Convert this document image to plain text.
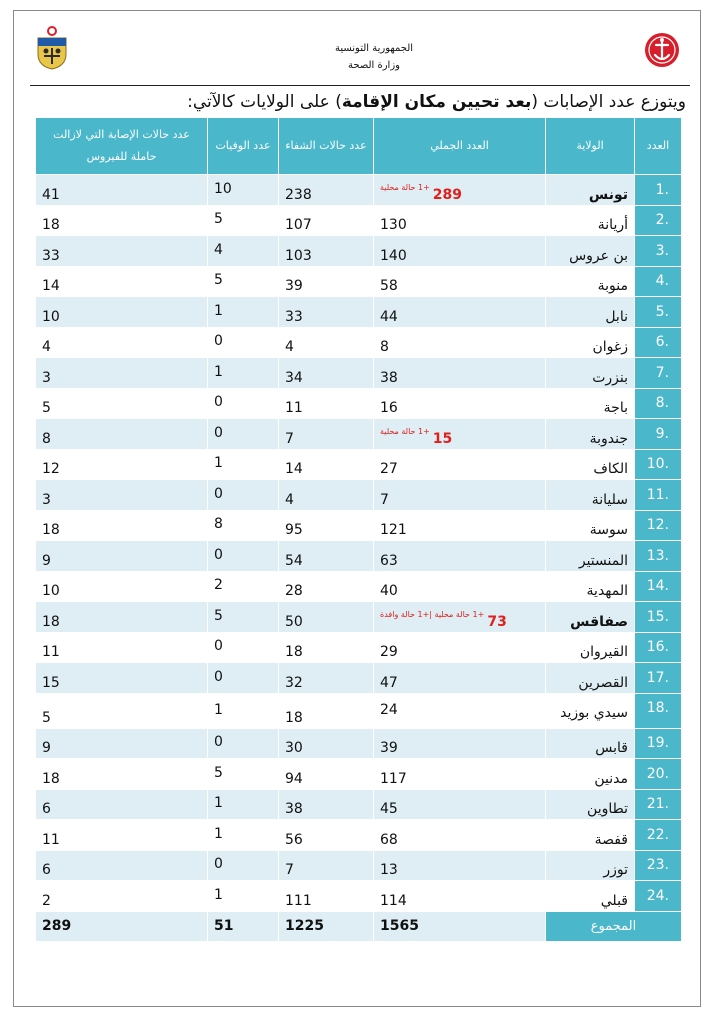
الجمهورية التونسية
وزارة الصحة
ويتوزع عدد الإصابات (بعد تحيين مكان الإقامة) على الولايات كالآتي:
العدد	الولاية	العدد الجملي	عدد حالات الشفاء	عدد الوفيات	عدد حالات الإصابة التي لازالت حاملة للفيروس
.1	تونس	289+1 حالة محلية	238	10	41
.2	أريانة	130	107	5	18
.3	بن عروس	140	103	4	33
.4	منوبة	58	39	5	14
.5	نابل	44	33	1	10
.6	زغوان	8	4	0	4
.7	بنزرت	38	34	1	3
.8	باجة	16	11	0	5
.9	جندوبة	15+1 حالة محلية	7	0	8
.10	الكاف	27	14	1	12
.11	سليانة	7	4	0	3
.12	سوسة	121	95	8	18
.13	المنستير	63	54	0	9
.14	المهدية	40	28	2	10
.15	صفاقس	73+1 حالة محلية |+1 حالة وافدة	50	5	18
.16	القيروان	29	18	0	11
.17	القصرين	47	32	0	15
.18	سيدي بوزيد	24	18	1	5
.19	قابس	39	30	0	9
.20	مدنين	117	94	5	18
.21	تطاوين	45	38	1	6
.22	قفصة	68	56	1	11
.23	توزر	13	7	0	6
.24	قبلي	114	111	1	2
المجموع		1565	1225	51	289
